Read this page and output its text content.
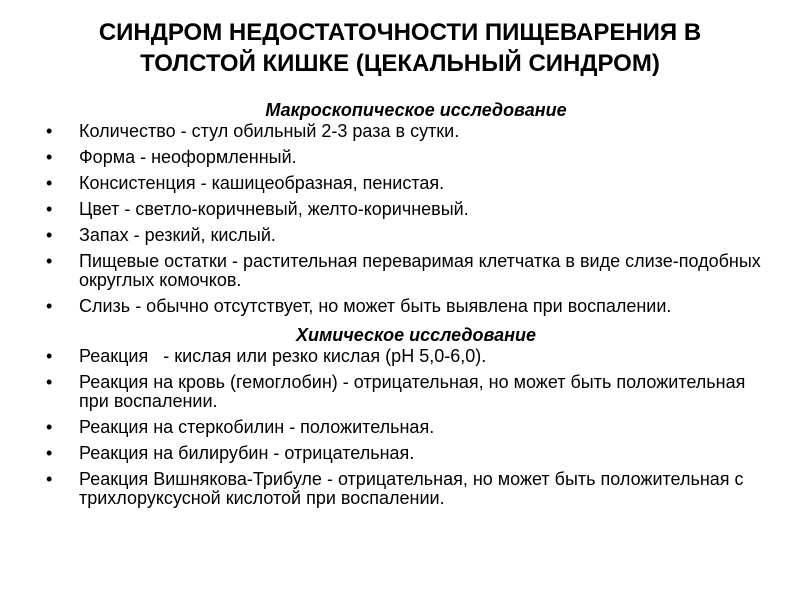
СИНДРОМ НЕДОСТАТОЧНОСТИ ПИЩЕВАРЕНИЯ В
ТОЛСТОЙ КИШКЕ (ЦЕКАЛЬНЫЙ СИНДРОМ)

Макроскопическое исследование

• Количество - стул обильный 2-3 раза в сутки.
• Форма - неоформленный.
• Консистенция - кашицеобразная, пенистая.
• Цвет - светло-коричневый, желто-коричневый.
• Запах - резкий, кислый.
• Пищевые остатки - растительная переваримая клетчатка в виде слизе-подобных округлых комочков.
• Слизь - обычно отсутствует, но может быть выявлена при воспалении.

Химическое исследование

• Реакция   - кислая или резко кислая (рН 5,0-6,0).
• Реакция на кровь (гемоглобин) - отрицательная, но может быть положительная при воспалении.
• Реакция на стеркобилин - положительная.
• Реакция на билирубин - отрицательная.
• Реакция Вишнякова-Трибуле - отрицательная, но может быть положительная с трихлоруксусной кислотой при воспалении.
